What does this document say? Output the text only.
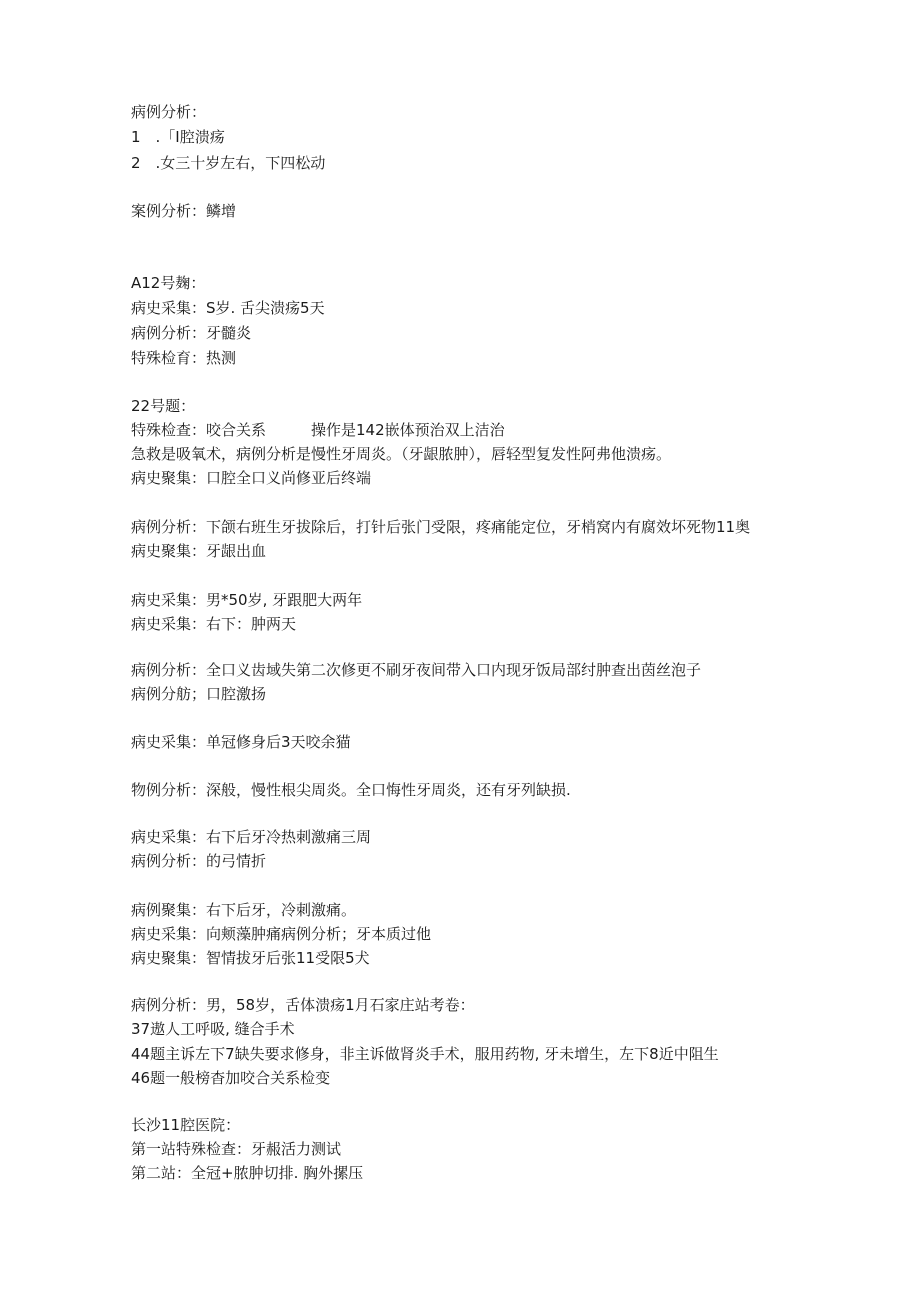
病例分析：
1　.「I腔溃疡
2　.女三十岁左右，下四松动
案例分析：鳞增
A12号麹：
病史采集：S岁. 舌尖溃疡5天
病例分析：牙髓炎
特殊检育：热测
22号题：
特殊检查：咬合关系　　　操作是142嵌体预治双上洁治
急救是吸氧术，病例分析是慢性牙周炎。（牙龈脓肿），唇轻型复发性阿弗他溃疡。
病史聚集：口腔全口义尚修亚后终端
病例分析：下颌右班生牙拔除后，打针后张门受限，疼痛能定位，牙梢窝内有腐效坏死物11奥
病史聚集：牙龈出血
病史采集：男*50岁, 牙跟肥大两年
病史采集：右下：肿两天
病例分析：全口义齿域失第二次修更不刷牙夜间带入口内现牙饭局部纣肿查出茵丝泡子
病例分舫；口腔激扬
病史采集：单冠修身后3天咬余猫
物例分析：深般，慢性根尖周炎。全口悔性牙周炎，还有牙列缺损.
病史采集：右下后牙冷热刺激痛三周
病例分析：的弓情折
病例聚集：右下后牙，冷刺激痛。
病史采集：向颊藻肿痛病例分析；牙本质过他
病史聚集：智情拔牙后张11受限5犬
病例分析：男，58岁，舌体溃疡1月石家庄站考卷：
37遨人工呼吸, 缝合手术
44题主诉左下7缺失要求修身，非主诉做肾炎手术，服用药物, 牙未增生，左下8近中阻生
46题一般榜杳加咬合关系检变
长沙11腔医院：
第一站特殊检查：牙赧活力测试
第二站：全冠+脓肿切排. 胸外摞压
